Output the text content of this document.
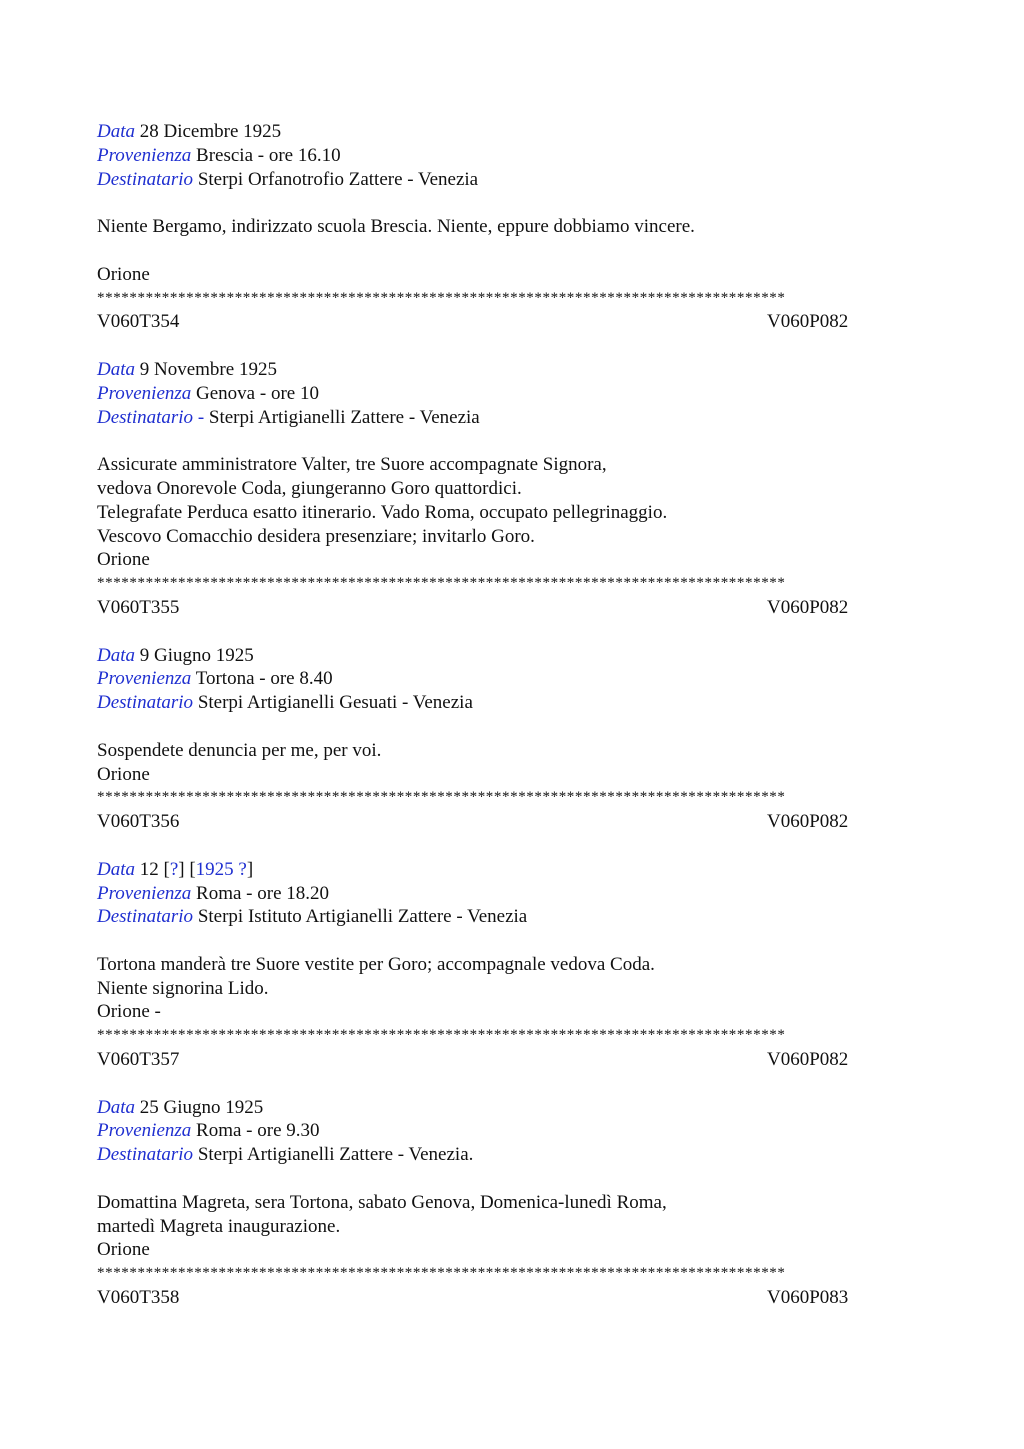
Data 28 Dicembre 1925
Provenienza Brescia - ore 16.10
Destinatario Sterpi Orfanotrofio Zattere - Venezia
Niente Bergamo, indirizzato scuola Brescia. Niente, eppure dobbiamo vincere.
Orione
*************************************************************************************
V060T354	V060P082
Data 9 Novembre 1925
Provenienza Genova - ore 10
Destinatario - Sterpi Artigianelli Zattere - Venezia
Assicurate amministratore Valter, tre Suore accompagnate Signora,
vedova Onorevole Coda, giungeranno Goro quattordici.
Telegrafate Perduca esatto itinerario. Vado Roma, occupato pellegrinaggio.
Vescovo Comacchio desidera presenziare; invitarlo Goro.
Orione
*************************************************************************************
V060T355	V060P082
Data 9 Giugno 1925
Provenienza Tortona - ore 8.40
Destinatario Sterpi Artigianelli Gesuati - Venezia
Sospendete denuncia per me, per voi.
Orione
*************************************************************************************
V060T356	V060P082
Data 12 [?] [1925 ?]
Provenienza Roma - ore 18.20
Destinatario Sterpi Istituto Artigianelli Zattere - Venezia
Tortona manderà tre Suore vestite per Goro; accompagnale vedova Coda.
Niente signorina Lido.
Orione -
*************************************************************************************
V060T357	V060P082
Data 25 Giugno 1925
Provenienza Roma - ore 9.30
Destinatario Sterpi Artigianelli Zattere - Venezia.
Domattina Magreta, sera Tortona, sabato Genova, Domenica-lunedì Roma,
martedì Magreta inaugurazione.
Orione
*************************************************************************************
V060T358	V060P083
